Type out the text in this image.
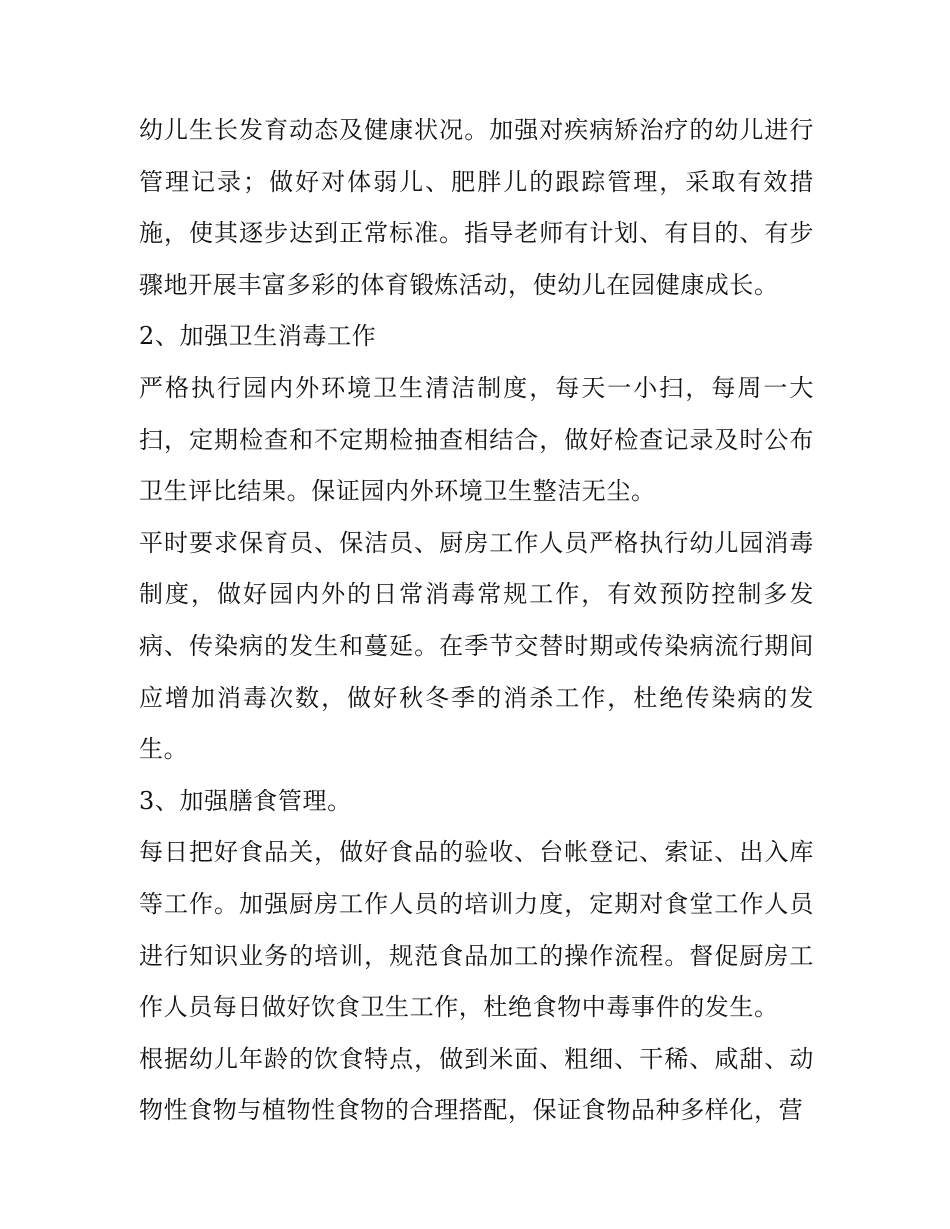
幼儿生长发育动态及健康状况。加强对疾病矫治疗的幼儿进行管理记录；做好对体弱儿、肥胖儿的跟踪管理，采取有效措施，使其逐步达到正常标准。指导老师有计划、有目的、有步骤地开展丰富多彩的体育锻炼活动，使幼儿在园健康成长。

2、加强卫生消毒工作

严格执行园内外环境卫生清洁制度，每天一小扫，每周一大扫，定期检查和不定期检抽查相结合，做好检查记录及时公布卫生评比结果。保证园内外环境卫生整洁无尘。

平时要求保育员、保洁员、厨房工作人员严格执行幼儿园消毒制度，做好园内外的日常消毒常规工作，有效预防控制多发病、传染病的发生和蔓延。在季节交替时期或传染病流行期间应增加消毒次数，做好秋冬季的消杀工作，杜绝传染病的发生。

3、加强膳食管理。

每日把好食品关，做好食品的验收、台帐登记、索证、出入库等工作。加强厨房工作人员的培训力度，定期对食堂工作人员进行知识业务的培训，规范食品加工的操作流程。督促厨房工作人员每日做好饮食卫生工作，杜绝食物中毒事件的发生。

根据幼儿年龄的饮食特点，做到米面、粗细、干稀、咸甜、动物性食物与植物性食物的合理搭配，保证食物品种多样化，营
